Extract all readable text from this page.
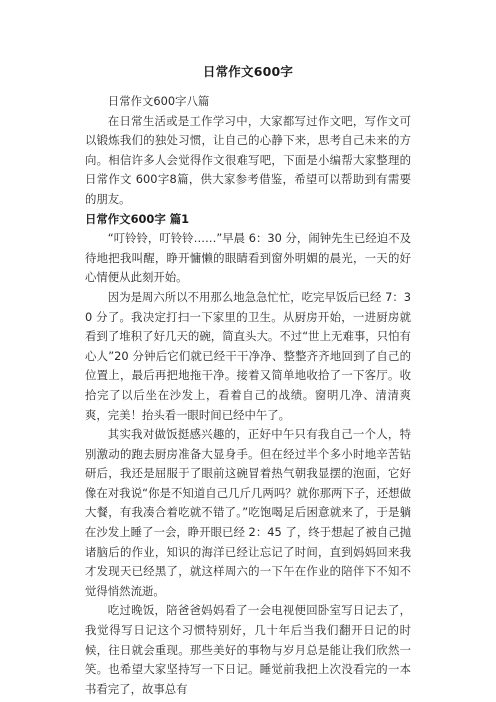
日常作文600字

日常作文600字八篇

在日常生活或是工作学习中，大家都写过作文吧，写作文可以锻炼我们的独处习惯，让自己的心静下来，思考自己未来的方向。相信许多人会觉得作文很难写吧，下面是小编帮大家整理的日常作文 600字8篇，供大家参考借鉴，希望可以帮助到有需要的朋友。

日常作文600字 篇1

“叮铃铃，叮铃铃……”早晨 6：30 分，闹钟先生已经迫不及待地把我叫醒，睁开慵懒的眼睛看到窗外明媚的晨光，一天的好心情便从此刻开始。

因为是周六所以不用那么地急急忙忙，吃完早饭后已经 7：30 分了。我决定打扫一下家里的卫生。从厨房开始，一进厨房就看到了堆积了好几天的碗，简直头大。不过“世上无难事，只怕有心人”20 分钟后它们就已经干干净净、整整齐齐地回到了自己的位置上，最后再把地拖干净。接着又简单地收拾了一下客厅。收拾完了以后坐在沙发上，看着自己的战绩。窗明几净、清清爽爽，完美！抬头看一眼时间已经中午了。

其实我对做饭挺感兴趣的，正好中午只有我自己一个人，特别激动的跑去厨房准备大显身手。但在经过半个多小时地辛苦钻研后，我还是屈服于了眼前这碗冒着热气朝我显摆的泡面，它好像在对我说“你是不知道自己几斤几两吗？就你那两下子，还想做大餐，有我凑合着吃就不错了。”吃饱喝足后困意就来了，于是躺在沙发上睡了一会，睁开眼已经 2：45 了，终于想起了被自己抛诸脑后的作业，知识的海洋已经让忘记了时间，直到妈妈回来我才发现天已经黑了，就这样周六的一下午在作业的陪伴下不知不觉得悄然流逝。

吃过晚饭，陪爸爸妈妈看了一会电视便回卧室写日记去了，我觉得写日记这个习惯特别好，几十年后当我们翻开日记的时候，往日就会重现。那些美好的事物与岁月总是能让我们欣然一笑。也希望大家坚持写一下日记。睡觉前我把上次没看完的一本书看完了，故事总有
